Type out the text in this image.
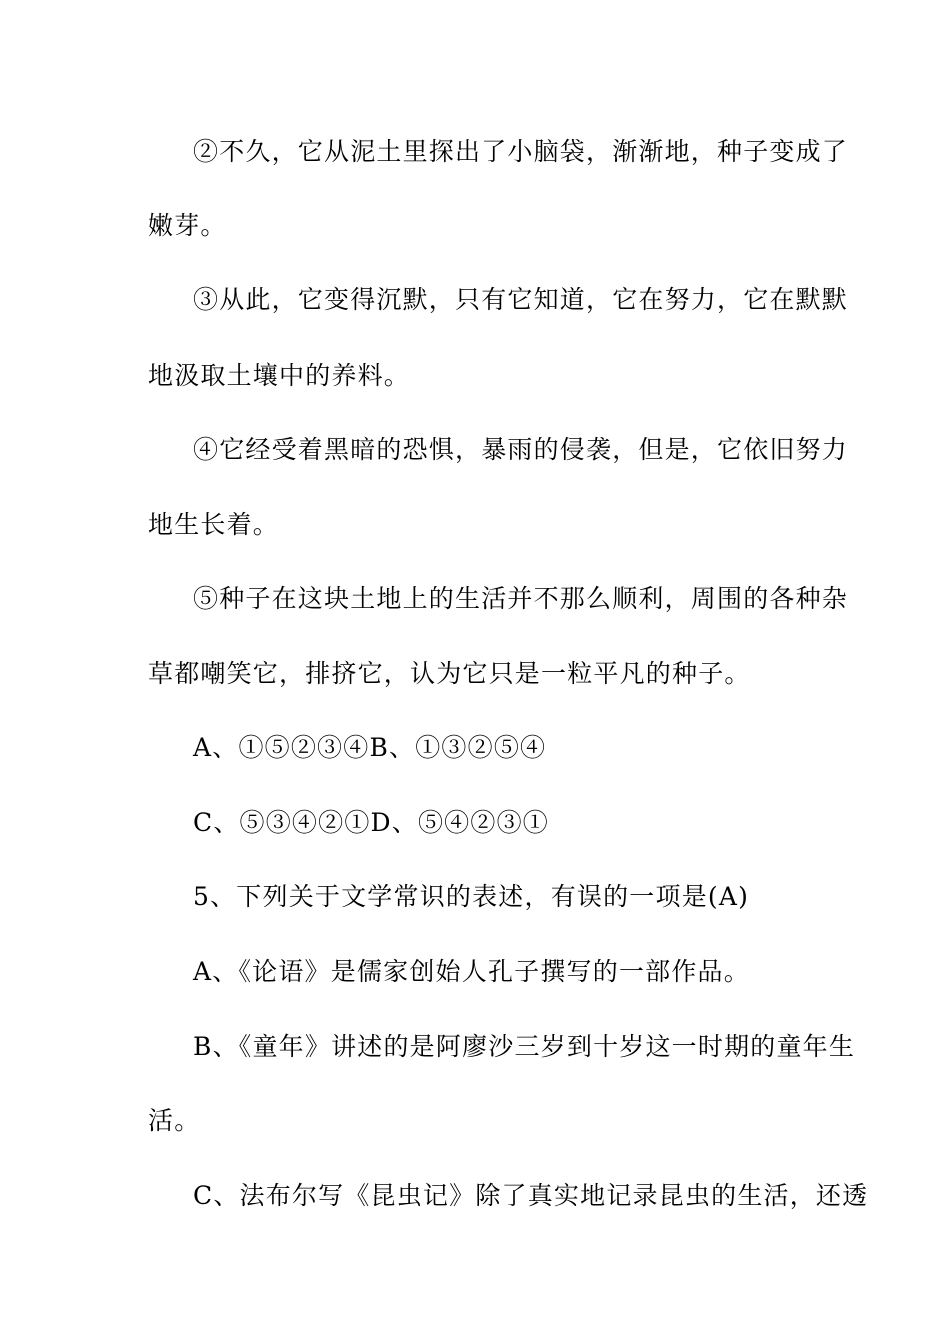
②不久，它从泥土里探出了小脑袋，渐渐地，种子变成了
嫩芽。
③从此，它变得沉默，只有它知道，它在努力，它在默默
地汲取土壤中的养料。
④它经受着黑暗的恐惧，暴雨的侵袭，但是，它依旧努力
地生长着。
⑤种子在这块土地上的生活并不那么顺利，周围的各种杂
草都嘲笑它，排挤它，认为它只是一粒平凡的种子。
A、①⑤②③④B、①③②⑤④
C、⑤③④②①D、⑤④②③①
5、下列关于文学常识的表述，有误的一项是(A)
A、《论语》是儒家创始人孔子撰写的一部作品。
B、《童年》讲述的是阿廖沙三岁到十岁这一时期的童年生
活。
C、法布尔写《昆虫记》除了真实地记录昆虫的生活，还透
